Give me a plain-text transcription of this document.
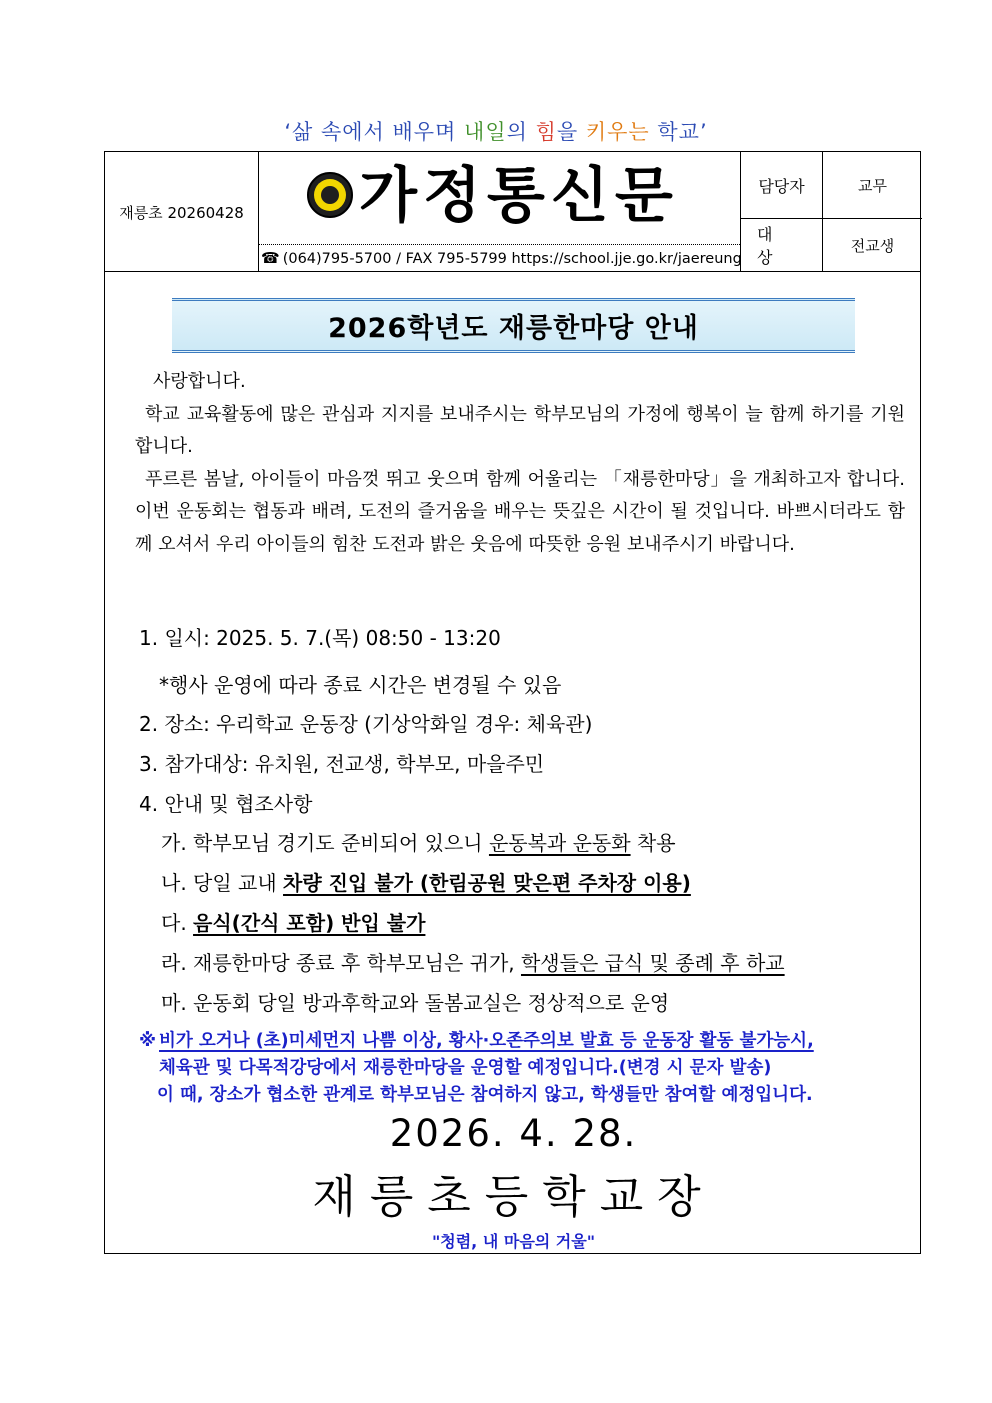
‘삶 속에서 배우며 내일의 힘을 키우는 학교’
재릉초 20260428 가정통신문
☎ (064)795-5700 / FAX 795-5799 https://school.jje.go.kr/jaereung
담당자	교무
대 상
전교생
2026학년도 재릉한마당 안내

사랑합니다.

학교 교육활동에 많은 관심과 지지를 보내주시는 학부모님의 가정에 행복이 늘 함께 하기를 기원합니다.

푸르른 봄날, 아이들이 마음껏 뛰고 웃으며 함께 어울리는 「재릉한마당」을 개최하고자 합니다. 이번 운동회는 협동과 배려, 도전의 즐거움을 배우는 뜻깊은 시간이 될 것입니다. 바쁘시더라도 함께 오셔서 우리 아이들의 힘찬 도전과 밝은 웃음에 따뜻한 응원 보내주시기 바랍니다.

1. 일시: 2025. 5. 7.(목) 08:50 - 13:20
*행사 운영에 따라 종료 시간은 변경될 수 있음
2. 장소: 우리학교 운동장 (기상악화일 경우: 체육관)
3. 참가대상: 유치원, 전교생, 학부모, 마을주민
4. 안내 및 협조사항
가. 학부모님 경기도 준비되어 있으니 운동복과 운동화 착용
나. 당일 교내 차량 진입 불가 (한림공원 맞은편 주차장 이용)
다. 음식(간식 포함) 반입 불가
라. 재릉한마당 종료 후 학부모님은 귀가, 학생들은 급식 및 종례 후 하교
마. 운동회 당일 방과후학교와 돌봄교실은 정상적으로 운영
※ 비가 오거나 (초)미세먼지 나쁨 이상, 황사·오존주의보 발효 등 운동장 활동 불가능시,
체육관 및 다목적강당에서 재릉한마당을 운영할 예정입니다.(변경 시 문자 발송)
이 때, 장소가 협소한 관계로 학부모님은 참여하지 않고, 학생들만 참여할 예정입니다.
2026. 4. 28.
재릉초등학교장
"청렴, 내 마음의 거울"
